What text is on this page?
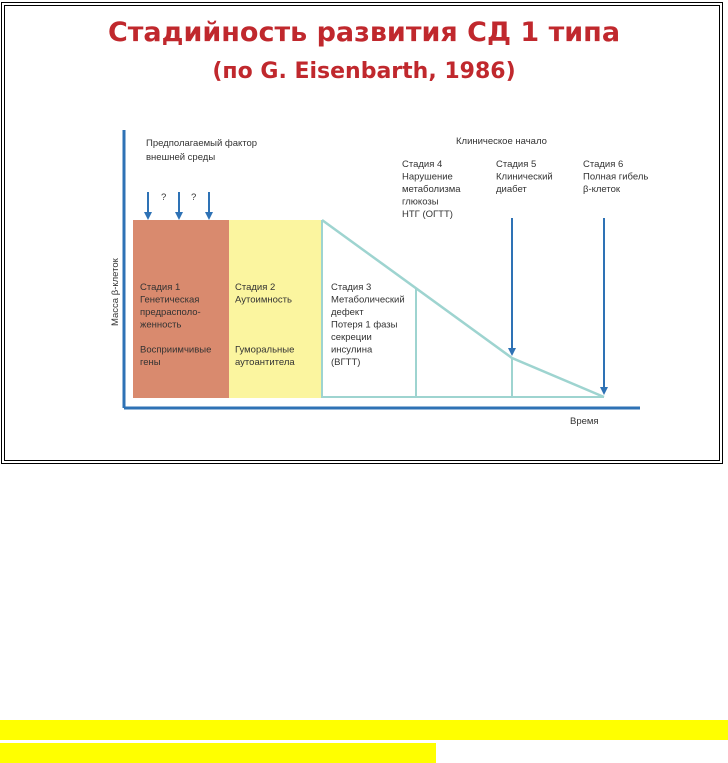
Стадийность развития СД 1 типа
(по G. Eisenbarth, 1986)
Масса β-клеток
Время
?	?
Предполагаемый фактор внешней среды
Клиническое начало
Стадия 1 Генетическая предрасполо-женность Восприимчивые гены
Стадия 2 Аутоимность Гуморальные аутоантитела
Стадия 3 Метаболический дефект Потеря 1 фазы секреции инсулина (ВГТТ)
Стадия 4 Нарушение метаболизма глюкозы НТГ (ОГТТ)
Стадия 5 Клинический диабет
Стадия 6 Полная гибель β-клеток
